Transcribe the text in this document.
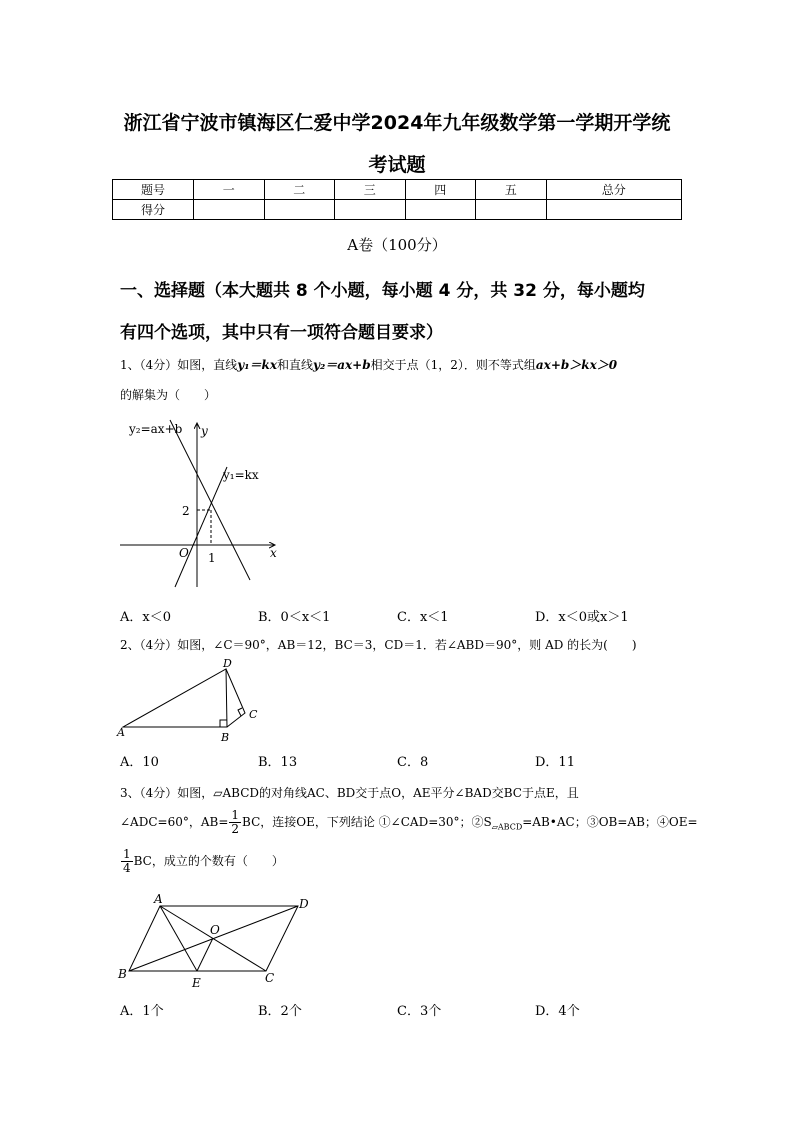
浙江省宁波市镇海区仁爱中学2024年九年级数学第一学期开学统
考试题
题号	一	二	三	四	五	总分
得分						
A卷（100分）
一、选择题（本大题共 8 个小题，每小题 4 分，共 32 分，每小题均
有四个选项，其中只有一项符合题目要求）
1、（4分）如图，直线y₁＝kx和直线y₂＝ax+b相交于点（1，2）．则不等式组ax+b＞kx＞0
的解集为（　　）
y₂=ax+b
y₁=kx
x
y
O 1
2
A．x＜0	B．0＜x＜1	C．x＜1	D．x＜0或x＞1
2、（4分）如图，∠C＝90°，AB＝12，BC＝3，CD＝1．若∠ABD＝90°，则 AD 的长为(　　)
A	B
C
D
A．10	B．13	C．8	D．11
3、（4分）如图，▱ABCD的对角线AC、BD交于点O，AE平分∠BAD交BC于点E，且
∠ADC=60°，$AB= \frac{1}{2}$ BC，连接OE，下列结论 ①∠CAD=30°；$②S_{▱ABCD}=AB•AC$；③OB=AB；④OE=
$\frac{1}{4}$ BC，成立的个数有（　　）
A	D
O
B
E	C
A．1个	B．2个	C．3个	D．4个
